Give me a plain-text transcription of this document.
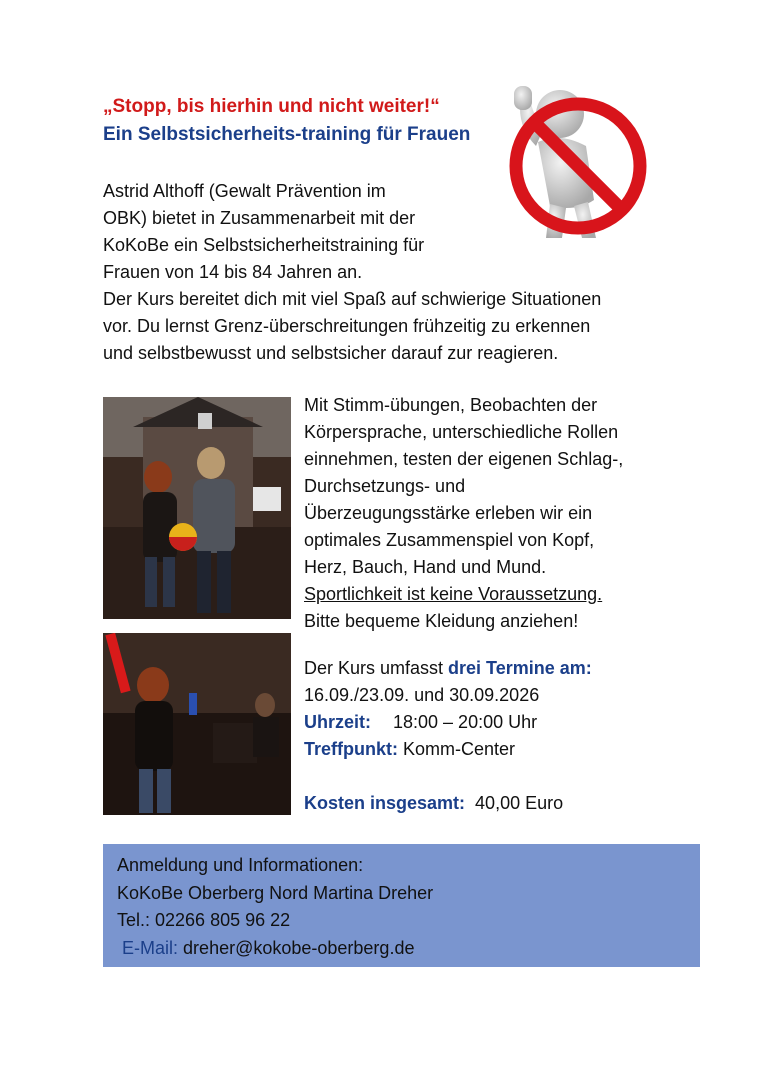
„Stopp, bis hierhin und nicht weiter!“
Ein Selbstsicherheits-training für Frauen
Astrid Althoff (Gewalt Prävention im
OBK) bietet in Zusammenarbeit mit der
KoKoBe ein Selbstsicherheitstraining für
Frauen von 14 bis 84 Jahren an.
Der Kurs bereitet dich mit viel Spaß auf schwierige Situationen
vor. Du lernst Grenz-überschreitungen frühzeitig zu erkennen
und selbstbewusst und selbstsicher darauf zur reagieren.
Mit Stimm-übungen, Beobachten der
Körpersprache, unterschiedliche Rollen
einnehmen, testen der eigenen Schlag-,
Durchsetzungs- und
Überzeugungsstärke erleben wir ein
optimales Zusammenspiel von Kopf,
Herz, Bauch, Hand und Mund.
Sportlichkeit ist keine Voraussetzung.
Bitte bequeme Kleidung anziehen!
Der Kurs umfasst drei Termine am:
16.09./23.09. und 30.09.2026
Uhrzeit: 18:00 – 20:00 Uhr
Treffpunkt: Komm-Center
Kosten insgesamt: 40,00 Euro
Anmeldung und Informationen:
KoKoBe Oberberg Nord Martina Dreher
Tel.: 02266 805 96 22
E-Mail: dreher@kokobe-oberberg.de
